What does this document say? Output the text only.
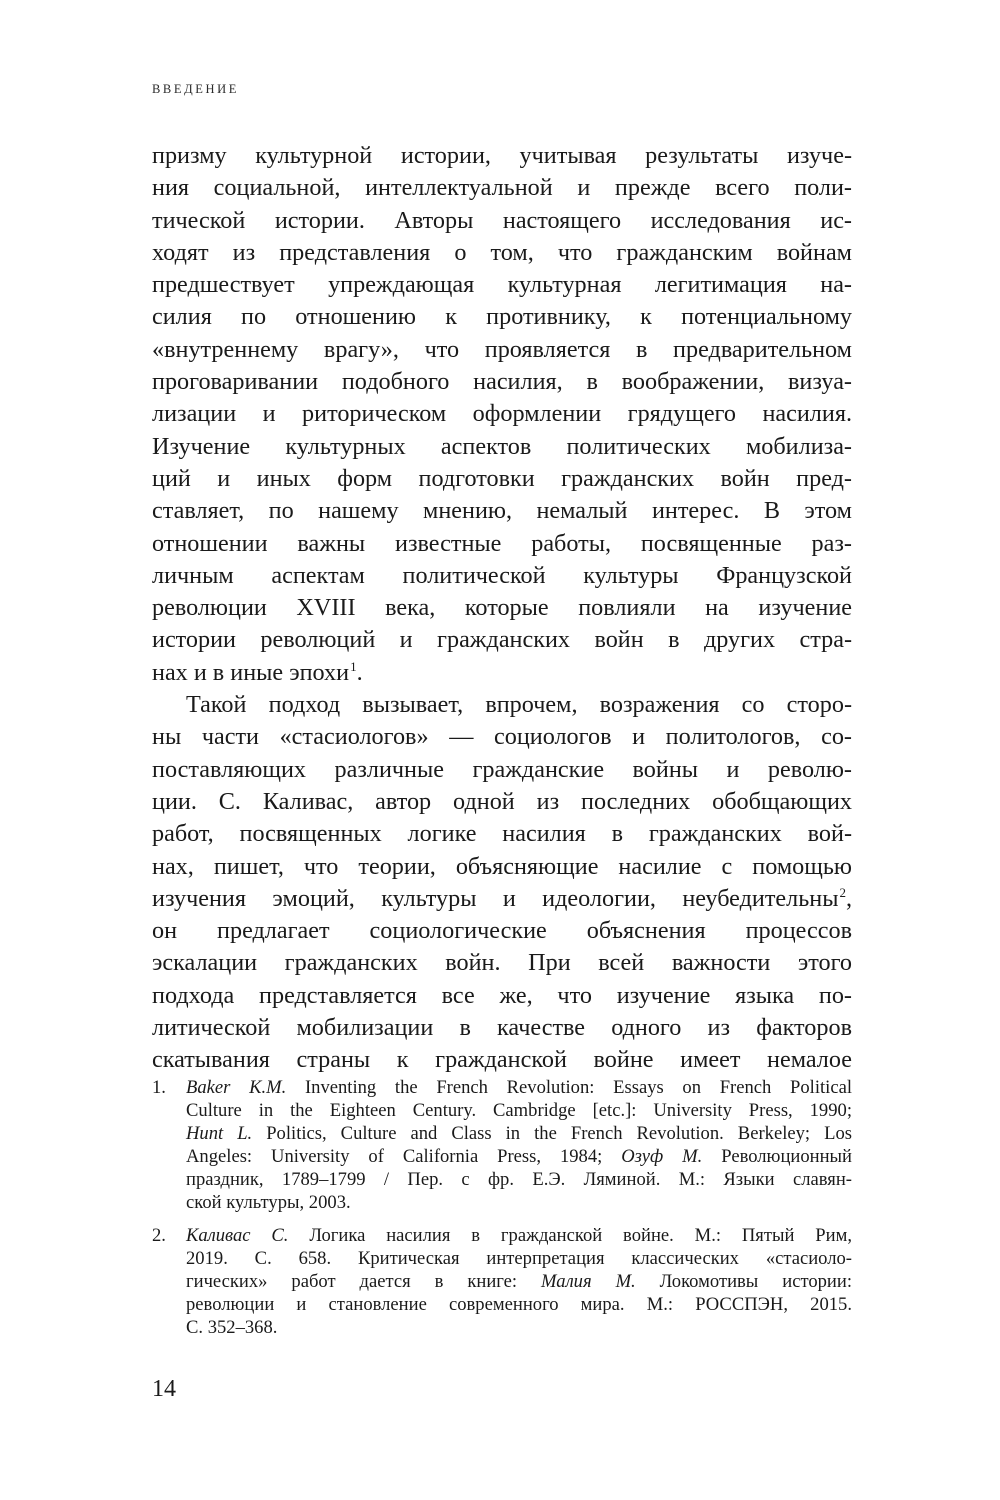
ВВЕДЕНИЕ
призму культурной истории, учитывая результаты изуче-
ния социальной, интеллектуальной и прежде всего поли-
тической истории. Авторы настоящего исследования ис-
ходят из представления о том, что гражданским войнам
предшествует упреждающая культурная легитимация на-
силия по отношению к противнику, к потенциальному
«внутреннему врагу», что проявляется в предварительном
проговаривании подобного насилия, в воображении, визуа-
лизации и риторическом оформлении грядущего насилия.
Изучение культурных аспектов политических мобилиза-
ций и иных форм подготовки гражданских войн пред-
ставляет, по нашему мнению, немалый интерес. В этом
отношении важны известные работы, посвященные раз-
личным аспектам политической культуры Французской
революции XVIII века, которые повлияли на изучение
истории революций и гражданских войн в других стра-
нах и в иные эпохи$^1$.
Такой подход вызывает, впрочем, возражения со сторо-
ны части «стасиологов» — социологов и политологов, со-
поставляющих различные гражданские войны и револю-
ции. С. Каливас, автор одной из последних обобщающих
работ, посвященных логике насилия в гражданских вой-
нах, пишет, что теории, объясняющие насилие с помощью
изучения эмоций, культуры и идеологии, неубедительны$^2$,
он предлагает социологические объяснения процессов
эскалации гражданских войн. При всей важности этого
подхода представляется все же, что изучение языка по-
литической мобилизации в качестве одного из факторов
скатывания страны к гражданской войне имеет немалое
1. Baker K.M. Inventing the French Revolution: Essays on French Political
Culture in the Eighteen Century. Cambridge [etc.]: University Press, 1990;
Hunt L. Politics, Culture and Class in the French Revolution. Berkeley; Los
Angeles: University of California Press, 1984; Озуф М. Революционный
праздник, 1789–1799 / Пер. с фр. Е.Э. Ляминой. М.: Языки славян-
ской культуры, 2003.
2. Каливас С. Логика насилия в гражданской войне. М.: Пятый Рим,
2019. С. 658. Критическая интерпретация классических «стасиоло-
гических» работ дается в книге: Малия М. Локомотивы истории:
революции и становление современного мира. М.: РОССПЭН, 2015.
С. 352–368.
14
